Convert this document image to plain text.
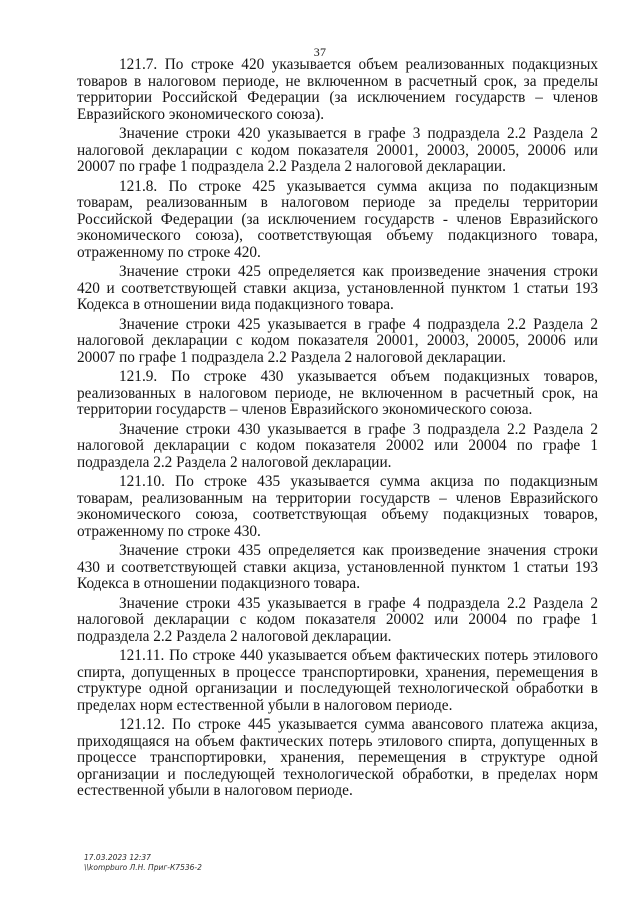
37

121.7. По строке 420 указывается объем реализованных подакцизных товаров в налоговом периоде, не включенном в расчетный срок, за пределы территории Российской Федерации (за исключением государств – членов Евразийского экономического союза).

Значение строки 420 указывается в графе 3 подраздела 2.2 Раздела 2 налоговой декларации с кодом показателя 20001, 20003, 20005, 20006 или 20007 по графе 1 подраздела 2.2 Раздела 2 налоговой декларации.

121.8. По строке 425 указывается сумма акциза по подакцизным товарам, реализованным в налоговом периоде за пределы территории Российской Федерации (за исключением государств - членов Евразийского экономического союза), соответствующая объему подакцизного товара, отраженному по строке 420.

Значение строки 425 определяется как произведение значения строки 420 и соответствующей ставки акциза, установленной пунктом 1 статьи 193 Кодекса в отношении вида подакцизного товара.

Значение строки 425 указывается в графе 4 подраздела 2.2 Раздела 2 налоговой декларации с кодом показателя 20001, 20003, 20005, 20006 или 20007 по графе 1 подраздела 2.2 Раздела 2 налоговой декларации.

121.9. По строке 430 указывается объем подакцизных товаров, реализованных в налоговом периоде, не включенном в расчетный срок, на территории государств – членов Евразийского экономического союза.

Значение строки 430 указывается в графе 3 подраздела 2.2 Раздела 2 налоговой декларации с кодом показателя 20002 или 20004 по графе 1 подраздела 2.2 Раздела 2 налоговой декларации.

121.10. По строке 435 указывается сумма акциза по подакцизным товарам, реализованным на территории государств – членов Евразийского экономического союза, соответствующая объему подакцизных товаров, отраженному по строке 430.

Значение строки 435 определяется как произведение значения строки 430 и соответствующей ставки акциза, установленной пунктом 1 статьи 193 Кодекса в отношении подакцизного товара.

Значение строки 435 указывается в графе 4 подраздела 2.2 Раздела 2 налоговой декларации с кодом показателя 20002 или 20004 по графе 1 подраздела 2.2 Раздела 2 налоговой декларации.

121.11. По строке 440 указывается объем фактических потерь этилового спирта, допущенных в процессе транспортировки, хранения, перемещения в структуре одной организации и последующей технологической обработки в пределах норм естественной убыли в налоговом периоде.

121.12. По строке 445 указывается сумма авансового платежа акциза, приходящаяся на объем фактических потерь этилового спирта, допущенных в процессе транспортировки, хранения, перемещения в структуре одной организации и последующей технологической обработки, в пределах норм естественной убыли в налоговом периоде.

17.03.2023 12:37
\\kompburo Л.Н. Приг-К7536-2
